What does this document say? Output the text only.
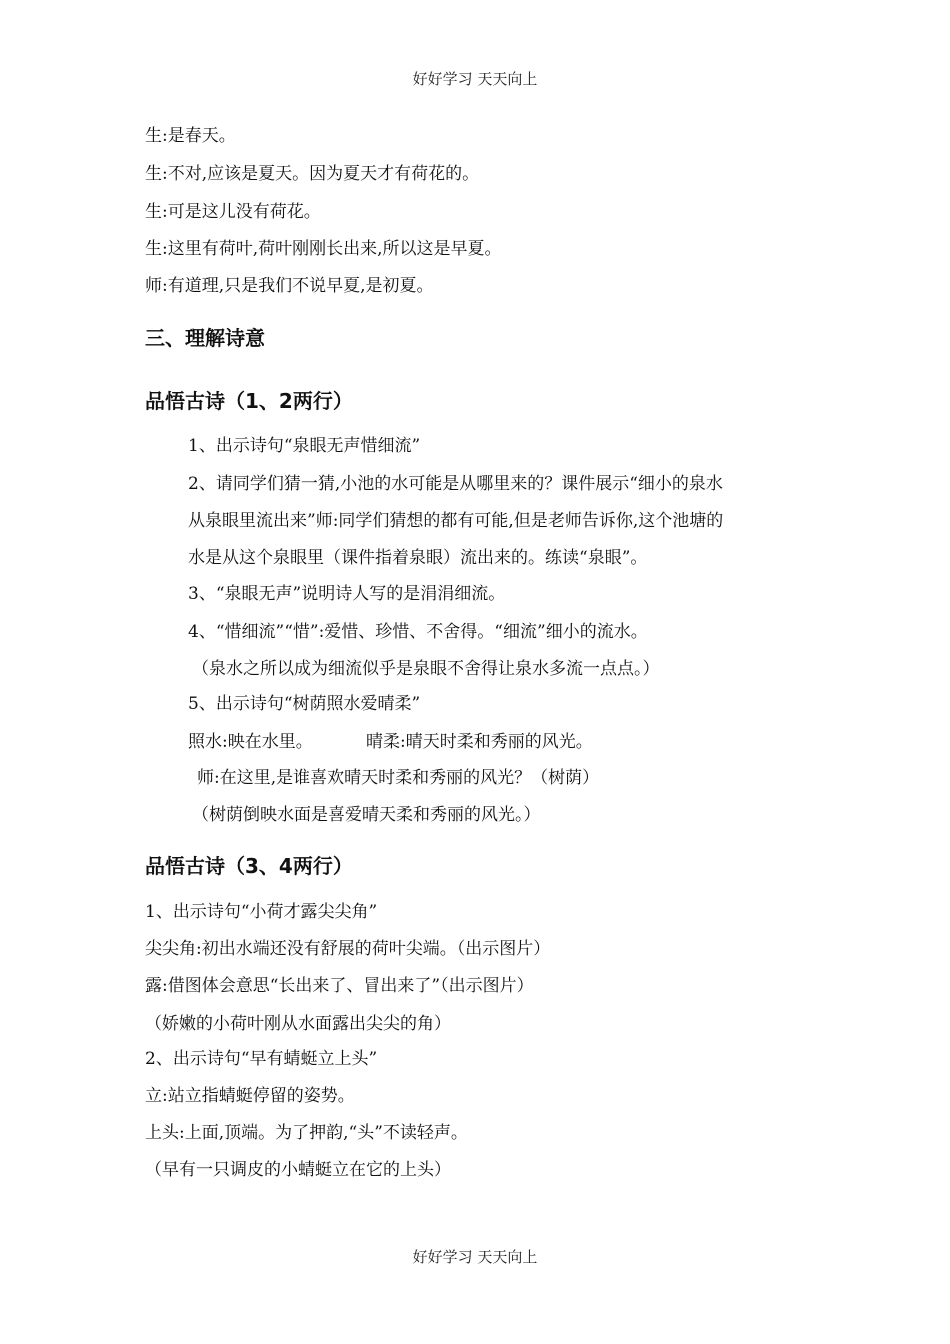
好好学习 天天向上
生:是春天。
生:不对,应该是夏天。因为夏天才有荷花的。
生:可是这儿没有荷花。
生:这里有荷叶,荷叶刚刚长出来,所以这是早夏。
师:有道理,只是我们不说早夏,是初夏。
三、理解诗意
品悟古诗（1、2两行）
1、出示诗句“泉眼无声惜细流”
2、请同学们猜一猜,小池的水可能是从哪里来的？课件展示“细小的泉水
从泉眼里流出来”师:同学们猜想的都有可能,但是老师告诉你,这个池塘的
水是从这个泉眼里（课件指着泉眼）流出来的。练读“泉眼”。
3、“泉眼无声”说明诗人写的是涓涓细流。
4、“惜细流”“惜”:爱惜、珍惜、不舍得。“细流”细小的流水。
（泉水之所以成为细流似乎是泉眼不舍得让泉水多流一点点。）
5、出示诗句“树荫照水爱晴柔”
照水:映在水里。	晴柔:晴天时柔和秀丽的风光。
师:在这里,是谁喜欢晴天时柔和秀丽的风光？（树荫）
（树荫倒映水面是喜爱晴天柔和秀丽的风光。）
品悟古诗（3、4两行）
1、出示诗句“小荷才露尖尖角”
尖尖角:初出水端还没有舒展的荷叶尖端。（出示图片）
露:借图体会意思“长出来了、冒出来了”（出示图片）
（娇嫩的小荷叶刚从水面露出尖尖的角）
2、出示诗句“早有蜻蜓立上头”
立:站立指蜻蜓停留的姿势。
上头:上面,顶端。为了押韵,“头”不读轻声。
（早有一只调皮的小蜻蜓立在它的上头）
好好学习 天天向上
